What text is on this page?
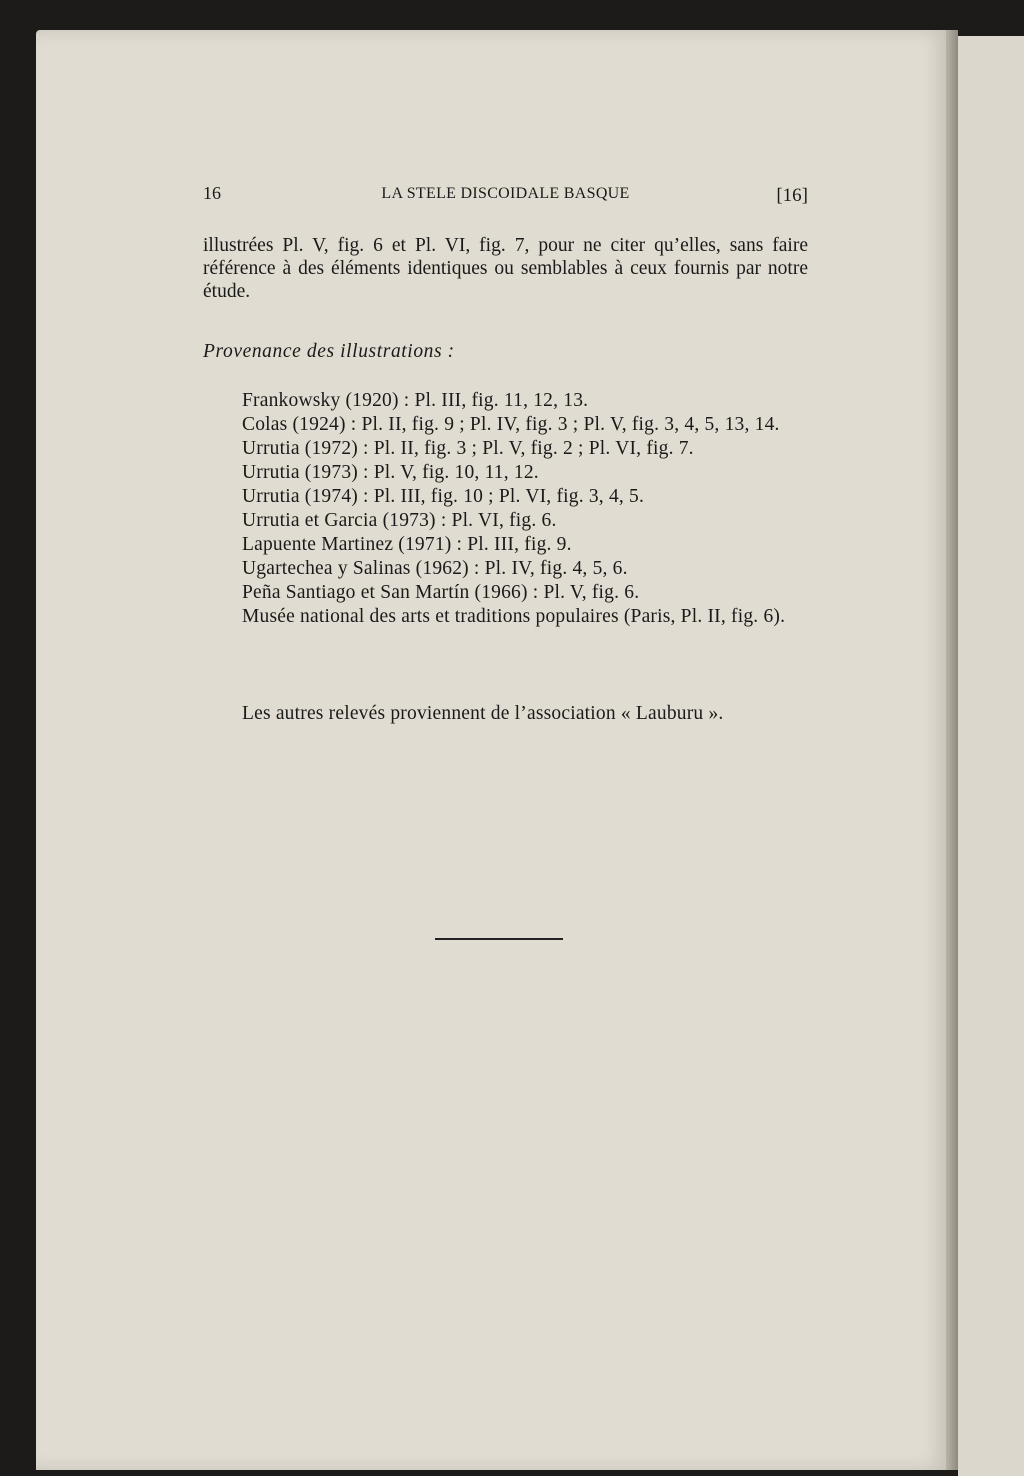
16	LA STELE DISCOIDALE BASQUE	[16]
illustrées Pl. V, fig. 6 et Pl. VI, fig. 7, pour ne citer qu’elles, sans faire référence à des éléments identiques ou semblables à ceux fournis par notre étude.
Provenance des illustrations :
Frankowsky (1920) : Pl. III, fig. 11, 12, 13.
Colas (1924) : Pl. II, fig. 9 ; Pl. IV, fig. 3 ; Pl. V, fig. 3, 4, 5, 13, 14.
Urrutia (1972) : Pl. II, fig. 3 ; Pl. V, fig. 2 ; Pl. VI, fig. 7.
Urrutia (1973) : Pl. V, fig. 10, 11, 12.
Urrutia (1974) : Pl. III, fig. 10 ; Pl. VI, fig. 3, 4, 5.
Urrutia et Garcia (1973) : Pl. VI, fig. 6.
Lapuente Martinez (1971) : Pl. III, fig. 9.
Ugartechea y Salinas (1962) : Pl. IV, fig. 4, 5, 6.
Peña Santiago et San Martín (1966) : Pl. V, fig. 6.
Musée national des arts et traditions populaires (Paris, Pl. II, fig. 6).
Les autres relevés proviennent de l’association « Lauburu ».
